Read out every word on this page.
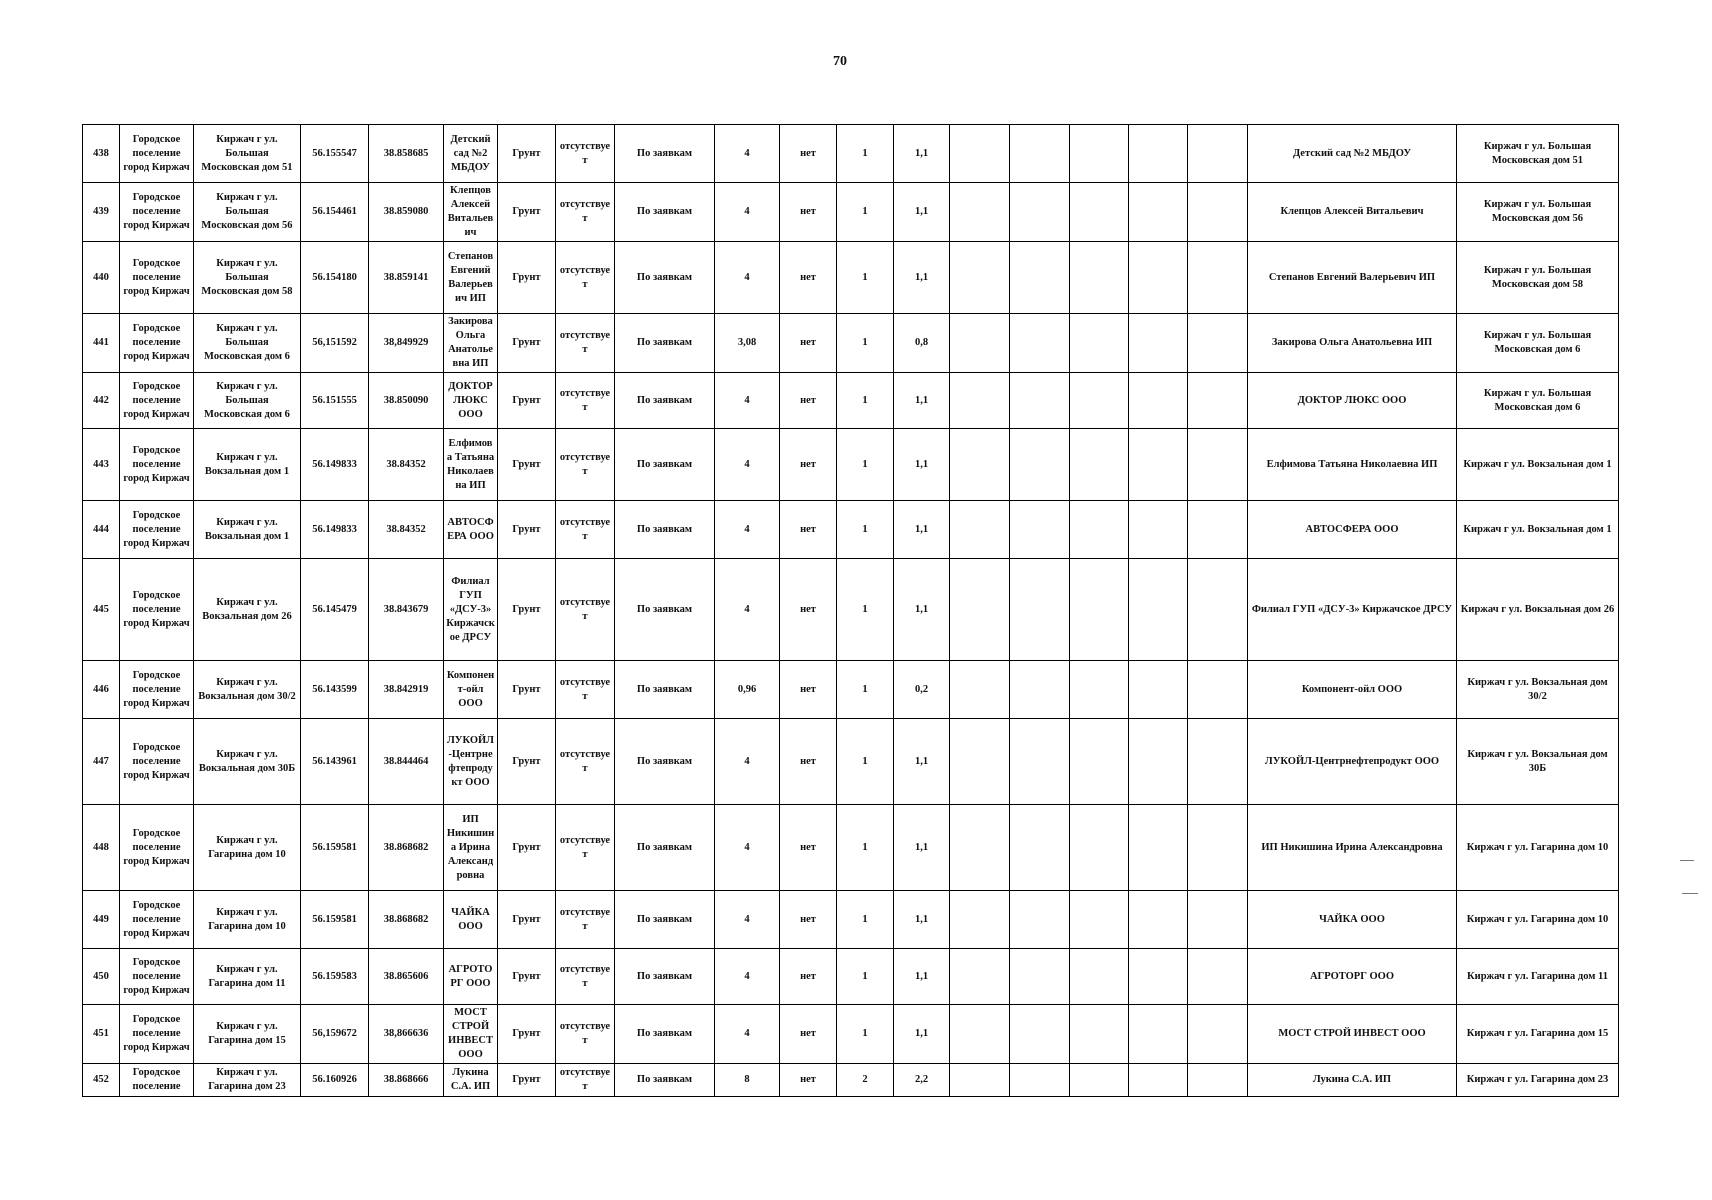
70
438	Городское поселение город Киржач	Киржач г ул. Большая Московская дом 51	56.155547	38.858685	Детский сад №2 МБДОУ	Грунт	отсутствует	По заявкам	4	нет	1	1,1						Детский сад №2 МБДОУ	Киржач г ул. Большая Московская дом 51
439	Городское поселение город Киржач	Киржач г ул. Большая Московская дом 56	56.154461	38.859080	Клепцов Алексей Витальевич	Грунт	отсутствует	По заявкам	4	нет	1	1,1						Клепцов Алексей Витальевич	Киржач г ул. Большая Московская дом 56
440	Городское поселение город Киржач	Киржач г ул. Большая Московская дом 58	56.154180	38.859141	Степанов Евгений Валерьевич ИП	Грунт	отсутствует	По заявкам	4	нет	1	1,1						Степанов Евгений Валерьевич ИП	Киржач г ул. Большая Московская дом 58
441	Городское поселение город Киржач	Киржач г ул. Большая Московская дом 6	56,151592	38,849929	Закирова Ольга Анатольевна ИП	Грунт	отсутствует	По заявкам	3,08	нет	1	0,8						Закирова Ольга Анатольевна ИП	Киржач г ул. Большая Московская дом 6
442	Городское поселение город Киржач	Киржач г ул. Большая Московская дом 6	56.151555	38.850090	ДОКТОР ЛЮКС ООО	Грунт	отсутствует	По заявкам	4	нет	1	1,1						ДОКТОР ЛЮКС ООО	Киржач г ул. Большая Московская дом 6
443	Городское поселение город Киржач	Киржач г ул. Вокзальная дом 1	56.149833	38.84352	Елфимова Татьяна Николаевна ИП	Грунт	отсутствует	По заявкам	4	нет	1	1,1						Елфимова Татьяна Николаевна ИП	Киржач г ул. Вокзальная дом 1
444	Городское поселение город Киржач	Киржач г ул. Вокзальная дом 1	56.149833	38.84352	АВТОСФЕРА ООО	Грунт	отсутствует	По заявкам	4	нет	1	1,1						АВТОСФЕРА ООО	Киржач г ул. Вокзальная дом 1
445	Городское поселение город Киржач	Киржач г ул. Вокзальная дом 26	56.145479	38.843679	Филиал ГУП «ДСУ-3» Киржачское ДРСУ	Грунт	отсутствует	По заявкам	4	нет	1	1,1						Филиал ГУП «ДСУ-3» Киржачское ДРСУ	Киржач г ул. Вокзальная дом 26
446	Городское поселение город Киржач	Киржач г ул. Вокзальная дом 30/2	56.143599	38.842919	Компонент-ойл ООО	Грунт	отсутствует	По заявкам	0,96	нет	1	0,2						Компонент-ойл ООО	Киржач г ул. Вокзальная дом 30/2
447	Городское поселение город Киржач	Киржач г ул. Вокзальная дом 30Б	56.143961	38.844464	ЛУКОЙЛ-Центрнефтепродукт ООО	Грунт	отсутствует	По заявкам	4	нет	1	1,1						ЛУКОЙЛ-Центрнефтепродукт ООО	Киржач г ул. Вокзальная дом 30Б
448	Городское поселение город Киржач	Киржач г ул. Гагарина дом 10	56.159581	38.868682	ИП Никишина Ирина Александровна	Грунт	отсутствует	По заявкам	4	нет	1	1,1						ИП Никишина Ирина Александровна	Киржач г ул. Гагарина дом 10
449	Городское поселение город Киржач	Киржач г ул. Гагарина дом 10	56.159581	38.868682	ЧАЙКА ООО	Грунт	отсутствует	По заявкам	4	нет	1	1,1						ЧАЙКА ООО	Киржач г ул. Гагарина дом 10
450	Городское поселение город Киржач	Киржач г ул. Гагарина дом 11	56.159583	38.865606	АГРОТОРГ ООО	Грунт	отсутствует	По заявкам	4	нет	1	1,1						АГРОТОРГ ООО	Киржач г ул. Гагарина дом 11
451	Городское поселение город Киржач	Киржач г ул. Гагарина дом 15	56,159672	38,866636	МОСТ СТРОЙ ИНВЕСТ ООО	Грунт	отсутствует	По заявкам	4	нет	1	1,1						МОСТ СТРОЙ ИНВЕСТ ООО	Киржач г ул. Гагарина дом 15
452	Городское поселение	Киржач г ул. Гагарина дом 23	56.160926	38.868666	Лукина С.А. ИП	Грунт	отсутствует	По заявкам	8	нет	2	2,2						Лукина С.А. ИП	Киржач г ул. Гагарина дом 23
